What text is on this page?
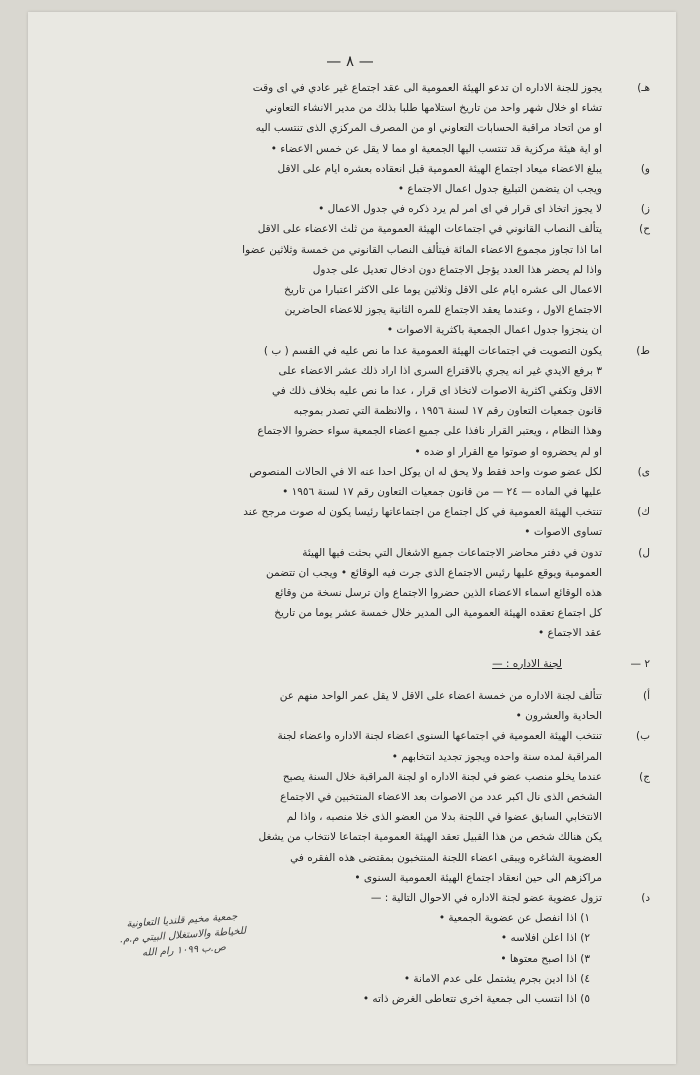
— ٨ —
هـ)

يجوز للجنة الاداره ان تدعو الهيئة العمومية الى عقد اجتماع غير عادي في اى وقت

تشاء او خلال شهر واحد من تاريخ استلامها طلبا بذلك من مدير الانشاء التعاوني

او من اتحاد مراقبة الحسابات التعاوني او من المصرف المركزي الذى تنتسب اليه

او اية هيئة مركزية قد تنتسب اليها الجمعية او مما لا يقل عن خمس الاعضاء •

و)

يبلغ الاعضاء ميعاد اجتماع الهيئة العمومية قبل انعقاده بعشره ايام على الاقل

ويجب ان يتضمن التبليغ جدول اعمال الاجتماع •

ز)

لا يجوز اتخاذ اى قرار في اى امر لم يرد ذكره في جدول الاعمال •

ح)

يتألف النصاب القانوني في اجتماعات الهيئة العمومية من ثلث الاعضاء على الاقل

اما اذا تجاوز مجموع الاعضاء المائة فيتألف النصاب القانوني من خمسة وثلاثين عضوا

واذا لم يحضر هذا العدد يؤجل الاجتماع دون ادخال تعديل على جدول

الاعمال الى عشره ايام على الاقل وثلاثين يوما على الاكثر اعتبارا من تاريخ

الاجتماع الاول ، وعندما يعقد الاجتماع للمره الثانية يجوز للاعضاء الحاضرين

ان ينجزوا جدول اعمال الجمعية باكثرية الاصوات •

ط)

يكون التصويت في اجتماعات الهيئة العمومية عدا ما نص عليه في القسم ( ب )

٣ برفع الايدي غير انه يجري بالاقتراع السرى اذا اراد ذلك عشر الاعضاء على

الاقل وتكفي اكثرية الاصوات لاتخاذ اى قرار ، عدا ما نص عليه بخلاف ذلك في

قانون جمعيات التعاون رقم ١٧ لسنة ١٩٥٦ ، والانظمة التي تصدر بموجبه

وهذا النظام ، ويعتبر القرار نافذا على جميع اعضاء الجمعية سواء حضروا الاجتماع

او لم يحضروه او صوتوا مع القرار او ضده •

ى)

لكل عضو صوت واحد فقط ولا يحق له ان يوكل احدا عنه الا في الحالات المنصوص

عليها في الماده — ٢٤ — من قانون جمعيات التعاون رقم ١٧ لسنة ١٩٥٦ •

ك)

تنتخب الهيئة العمومية في كل اجتماع من اجتماعاتها رئيسا يكون له صوت مرجح عند

تساوى الاصوات •

ل)

تدون في دفتر محاضر الاجتماعات جميع الاشغال التي بحثت فيها الهيئة

العمومية ويوقع عليها رئيس الاجتماع الذى جرت فيه الوقائع • ويجب ان تتضمن

هذه الوقائع اسماء الاعضاء الذين حضروا الاجتماع وان ترسل نسخة من وقائع

كل اجتماع تعقده الهيئة العمومية الى المدير خلال خمسة عشر يوما من تاريخ

عقد الاجتماع •

٢ —
لجنة الاداره : —
أ)

تتألف لجنة الاداره من خمسة اعضاء على الاقل لا يقل عمر الواحد منهم عن

الحادية والعشرون •

ب)

تنتخب الهيئة العمومية في اجتماعها السنوى اعضاء لجنة الاداره واعضاء لجنة

المراقبة لمده سنة واحده ويجوز تجديد انتخابهم •

ج)

عندما يخلو منصب عضو في لجنة الاداره او لجنة المراقبة خلال السنة يصبح

الشخص الذى نال اكبر عدد من الاصوات بعد الاعضاء المنتخبين في الاجتماع

الانتخابي السابق عضوا في اللجنة بدلا من العضو الذى خلا منصبه ، واذا لم

يكن هنالك شخص من هذا القبيل تعقد الهيئة العمومية اجتماعا لانتخاب من يشغل

العضوية الشاغره ويبقى اعضاء اللجنة المنتخبون بمقتضى هذه الفقره في

مراكزهم الى حين انعقاد اجتماع الهيئة العمومية السنوى •

د)

تزول عضوية عضو لجنة الاداره في الاحوال التالية : —

١) اذا انفصل عن عضوية الجمعية •

٢) اذا اعلن افلاسه •

٣) اذا اصبح معتوها •

٤) اذا ادين بجرم يشتمل على عدم الامانة •

٥) اذا انتسب الى جمعية اخرى تتعاطى الغرض ذاته •

جمعية مخيم قلنديا التعاونية
للخياطة والاستغلال البيتي م.م.
ص.ب ١٠٩٩ رام الله
